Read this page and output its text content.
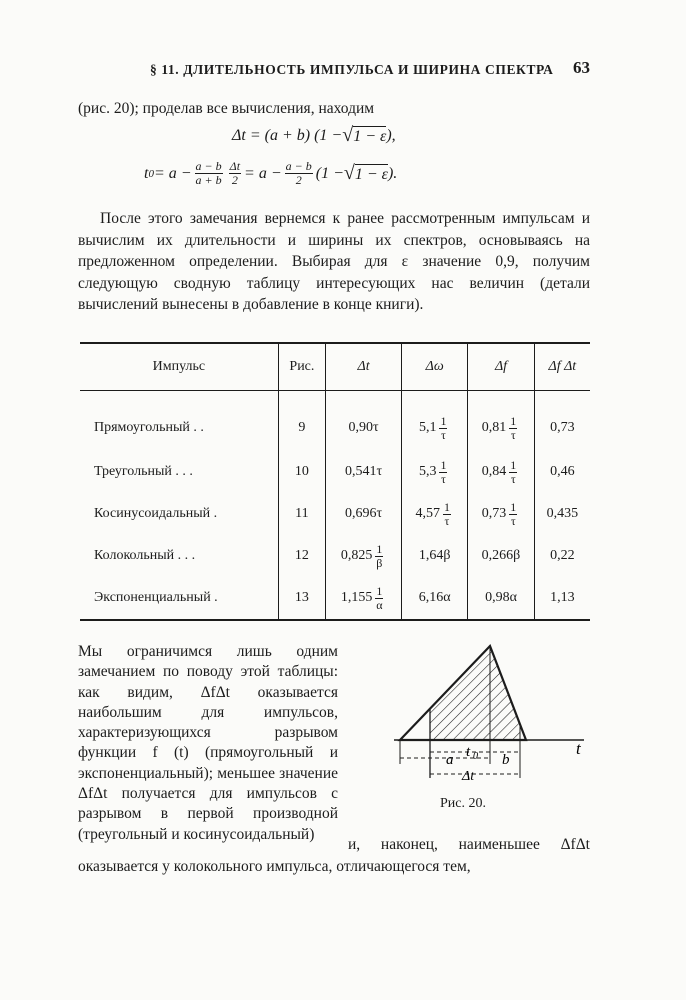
§ 11. ДЛИТЕЛЬНОСТЬ ИМПУЛЬСА И ШИРИНА СПЕКТРА 63
(рис. 20); проделав все вычисления, находим
Δt = (a + b) (1 − √ 1 − ε ),
t $0 = a - \frac{a - b}{a + b} \frac{\Delta t}{2} = a - \frac{a - b}{2} (1$ − √ 1 − ε ).
После этого замечания вернемся к ранее рассмотренным импульсам и вычислим их длительности и ширины их спектров, основываясь на предложенном определении. Выбирая для ε значение 0,9, получим следующую сводную таблицу интересующих нас величин (детали вычислений вынесены в добавление в конце книги).
Импульс	Рис.	Δt	Δω	Δf	Δf Δt
Прямоугольный . .	9	0,90τ	$5,1 \frac{1}{\tau}$	$0,81 \frac{1}{\tau}$	0,73
Треугольный . . .	10	0,541τ	$5,3 \frac{1}{\tau}$	$0,84 \frac{1}{\tau}$	0,46
Косинусоидальный .	11	0,696τ	$4,57 \frac{1}{\tau}$	$0,73 \frac{1}{\tau}$	0,435
Колокольный . . .	12	$0,825 \frac{1}{\beta}$	1,64β	0,266β	0,22
Экспоненциальный .	13	$1,155 \frac{1}{\alpha}$	6,16α	0,98α	1,13
Мы ограничимся лишь одним замечанием по поводу этой таблицы: как видим, ΔfΔt оказывается наибольшим для импульсов, характеризующихся разрывом функции f (t) (прямоугольный и экспоненциальный); меньшее значение ΔfΔt получается для импульсов с разрывом в первой производной (треугольный и косинусоидальный)
a t 0 b
Δt
t
Рис. 20.
и, наконец, наименьшее ΔfΔt оказывается у колокольного импульса, отличающегося тем,
